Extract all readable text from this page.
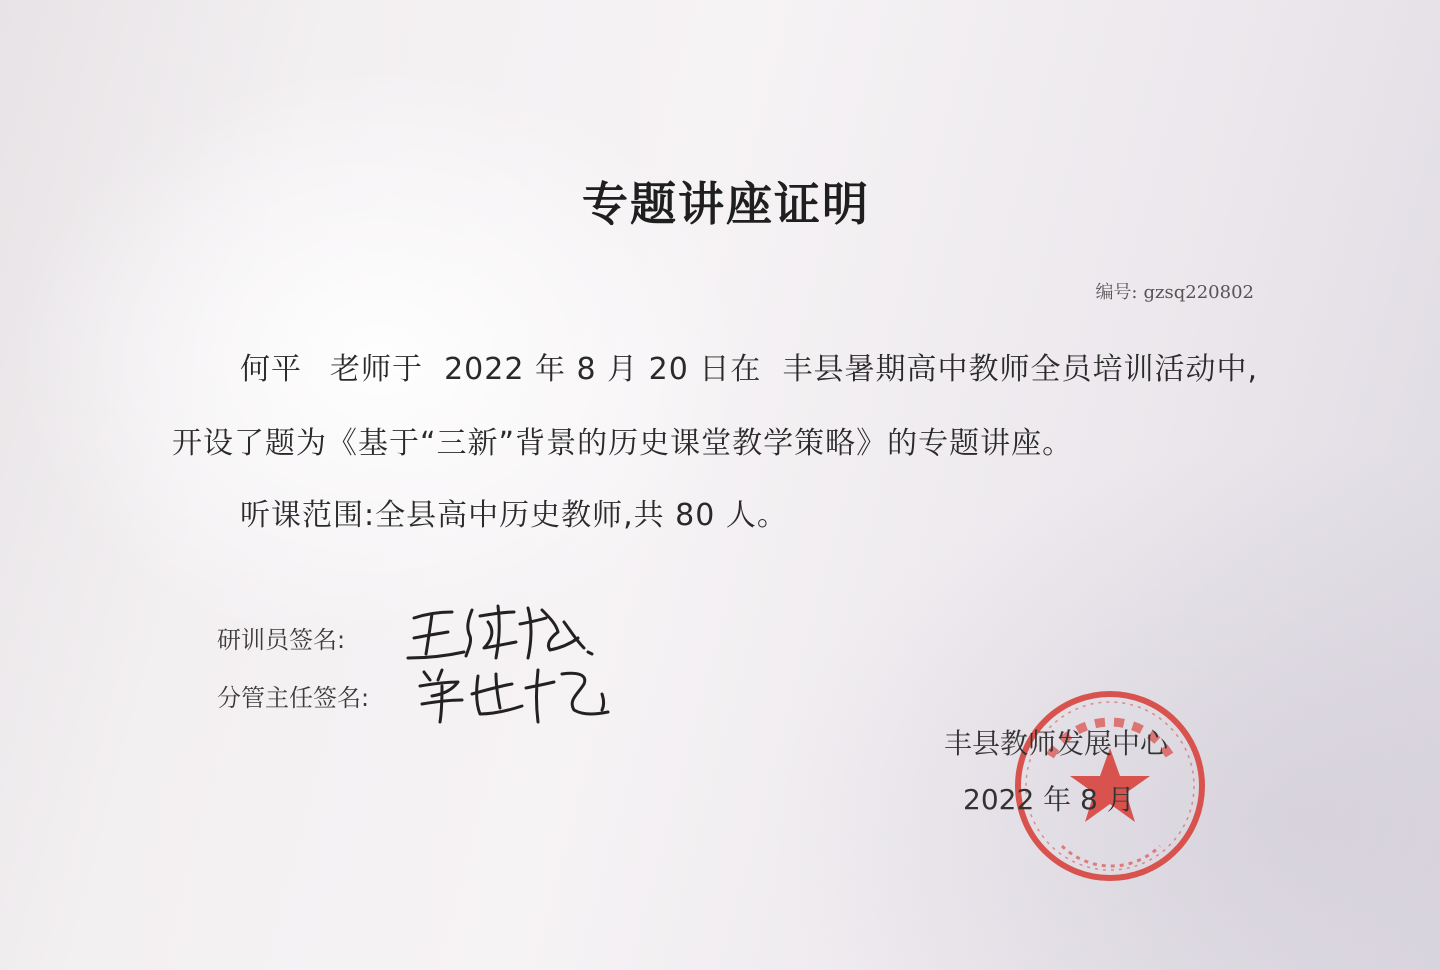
专题讲座证明
编号: gzsq220802
何平 老师于 2022 年 8 月 20 日在 丰县暑期高中教师全员培训活动中,
开设了题为《基于“三新”背景的历史课堂教学策略》的专题讲座。
听课范围:全县高中历史教师,共 80 人。
研训员签名:
分管主任签名:
丰县教师发展中心
2022 年 8 月
